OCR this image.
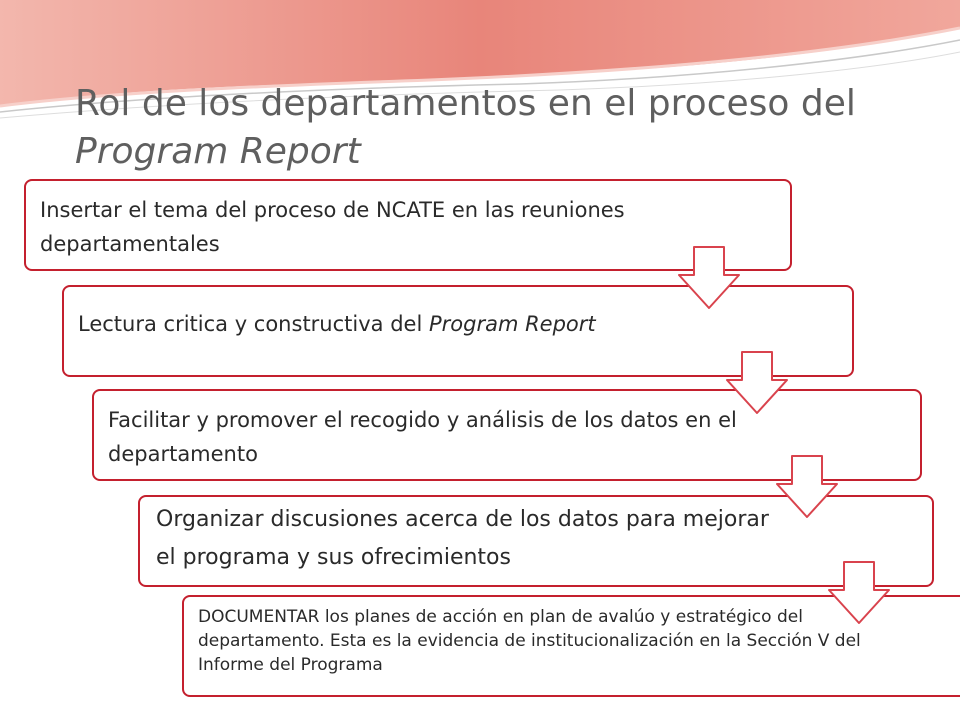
Rol de los departamentos en el proceso del
Program Report
Insertar el tema del proceso de NCATE en las reuniones departamentales
Lectura critica y constructiva del Program Report
Facilitar y promover el recogido y análisis de los datos en el departamento
Organizar discusiones acerca de los datos para mejorar el programa y sus ofrecimientos
DOCUMENTAR los planes de acción en plan de avalúo y estratégico del departamento. Esta es la evidencia de institucionalización en la Sección V del Informe del Programa
